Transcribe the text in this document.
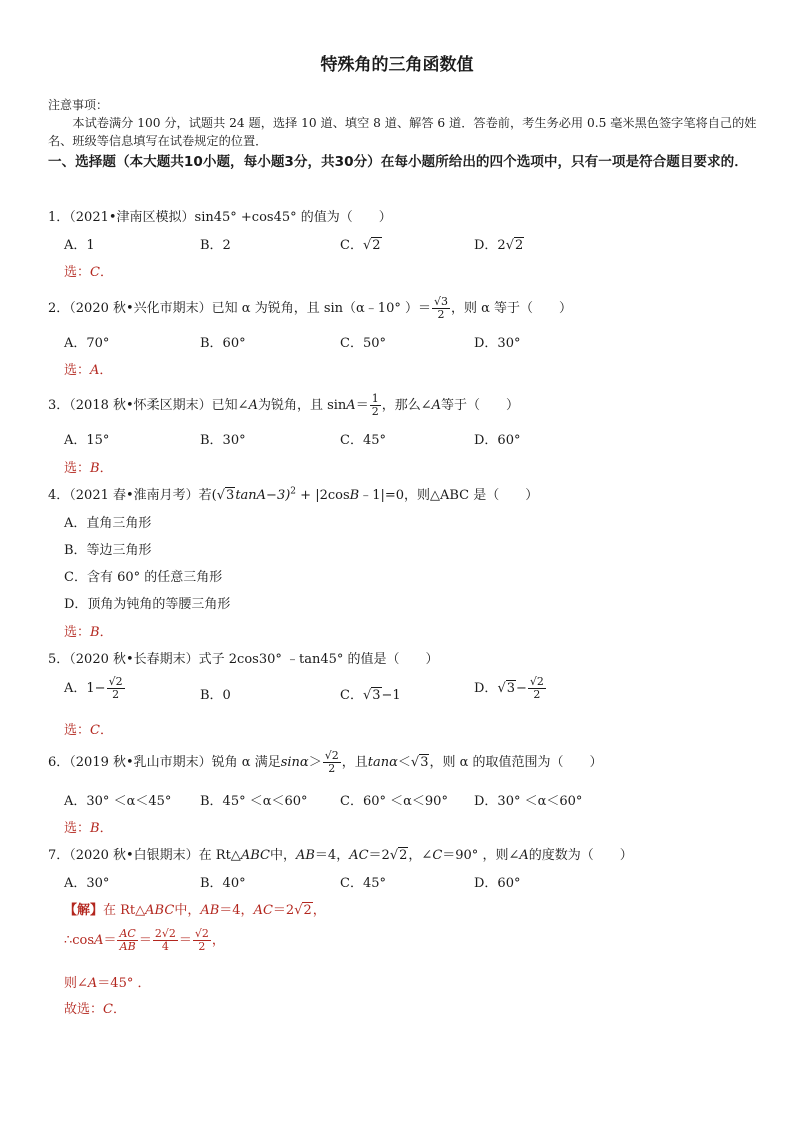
特殊角的三角函数值
注意事项：
本试卷满分 100 分，试题共 24 题，选择 10 道、填空 8 道、解答 6 道．答卷前，考生务必用 0.5 毫米黑色签字笔将自己的姓名、班级等信息填写在试卷规定的位置．
一、选择题（本大题共10小题，每小题3分，共30分）在每小题所给出的四个选项中，只有一项是符合题目要求的．
1．（2021•津南区模拟）sin45° +cos45° 的值为（　　）
A．1	B．2	C．√2	D．2√2
选：C．
2．（2020 秋•兴化市期末）已知 α 为锐角，且 sin（α﹣10° ）＝ $\frac{√3}{2}$ ，则 α 等于（　　）
A．70°	B．60°	C．50°	D．30°
选：A．
3．（2018 秋•怀柔区期末）已知∠A为锐角，且 $\sin A= \frac{1}{2}$ ，那么∠A等于（　　）
A．15°	B．30°	C．45°	D．60°
选：B．
4．（2021 春•淮南月考）若$(√3\tan A-3)^2$ + |2cosB﹣1|=0，则△ABC 是（　　）
A．直角三角形
B．等边三角形
C．含有 60° 的任意三角形
D．顶角为钝角的等腰三角形
选：B．
5．（2020 秋•长春期末）式子 2cos30° ﹣tan45° 的值是（　　）
A．$1- \frac{√2}{2}$	B．0	C．√3−1	D．$√3- \frac{√2}{2}$
选：C．
6．（2019 秋•乳山市期末）锐角 α 满足$\sin\alpha> \frac{√2}{2}$ ，且tanα＜√3，则 α 的取值范围为（　　）
A．30° ＜α＜45° B．45° ＜α＜60° C．60° ＜α＜90° D．30° ＜α＜60°
选：B．
7．（2020 秋•白银期末）在 Rt△ABC中，AB＝4，AC＝2√2，∠C＝90° ，则∠A的度数为（　　）
A．30°	B．40°	C．45°	D．60°
【解】在 Rt△ABC中，AB＝4，AC＝2√2，
∴cosA＝ $\frac{AC}{AB} = \frac{2√2}{4} = \frac{√2}{2}$ ，
则∠A＝45° ．
故选：C．
